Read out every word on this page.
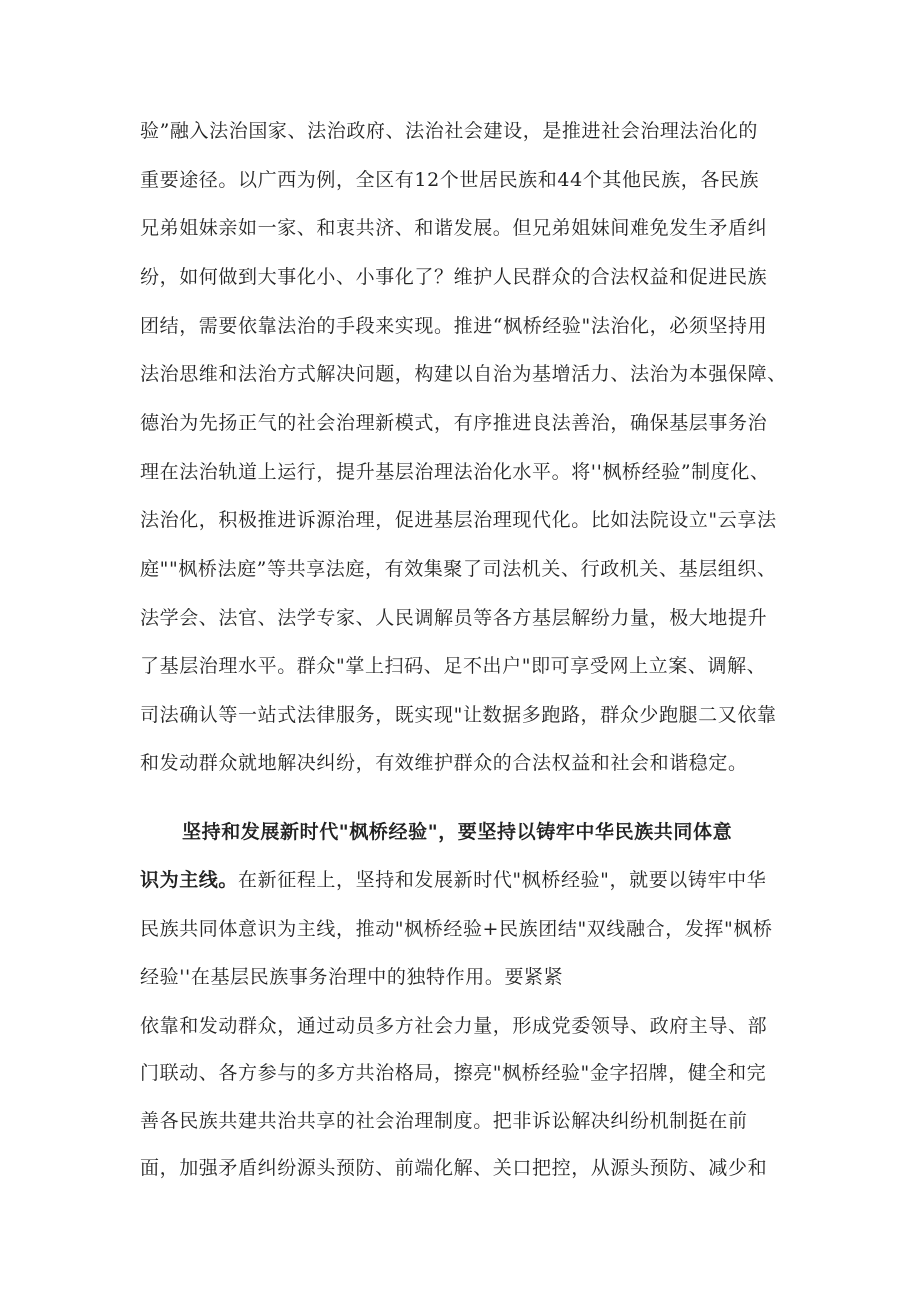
验”融入法治国家、法治政府、法治社会建设，是推进社会治理法治化的
重要途径。以广西为例，全区有12个世居民族和44个其他民族，各民族
兄弟姐妹亲如一家、和衷共济、和谐发展。但兄弟姐妹间难免发生矛盾纠
纷，如何做到大事化小、小事化了？维护人民群众的合法权益和促进民族
团结，需要依靠法治的手段来实现。推进“枫桥经验"法治化，必须坚持用
法治思维和法治方式解决问题，构建以自治为基增活力、法治为本强保障、
德治为先扬正气的社会治理新模式，有序推进良法善治，确保基层事务治
理在法治轨道上运行，提升基层治理法治化水平。将''枫桥经验”制度化、
法治化，积极推进诉源治理，促进基层治理现代化。比如法院设立"云享法
庭""枫桥法庭”等共享法庭，有效集聚了司法机关、行政机关、基层组织、
法学会、法官、法学专家、人民调解员等各方基层解纷力量，极大地提升
了基层治理水平。群众"掌上扫码、足不出户"即可享受网上立案、调解、
司法确认等一站式法律服务，既实现"让数据多跑路，群众少跑腿二又依靠
和发动群众就地解决纠纷，有效维护群众的合法权益和社会和谐稳定。
坚持和发展新时代"枫桥经验"，要坚持以铸牢中华民族共同体意
识为主线。在新征程上，坚持和发展新时代"枫桥经验"，就要以铸牢中华
民族共同体意识为主线，推动"枫桥经验+民族团结"双线融合，发挥"枫桥
经验''在基层民族事务治理中的独特作用。要紧紧
依靠和发动群众，通过动员多方社会力量，形成党委领导、政府主导、部
门联动、各方参与的多方共治格局，擦亮"枫桥经验"金字招牌，健全和完
善各民族共建共治共享的社会治理制度。把非诉讼解决纠纷机制挺在前
面，加强矛盾纠纷源头预防、前端化解、关口把控，从源头预防、减少和
